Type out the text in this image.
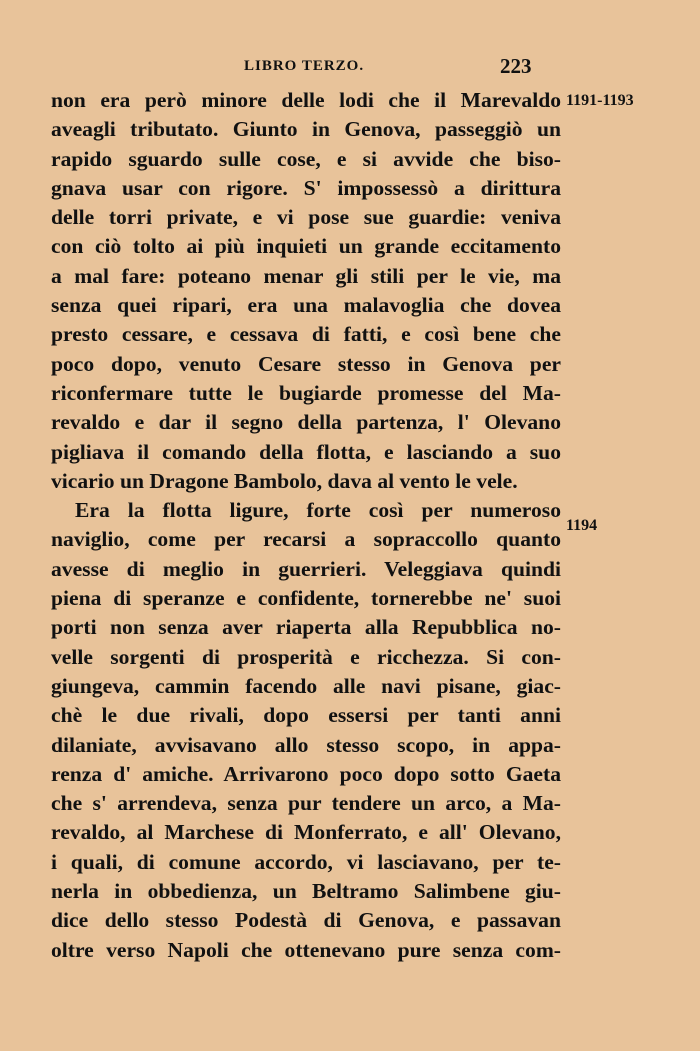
LIBRO TERZO.	223
1191-1193
1194
non era però minore delle lodi che il Marevaldo
aveagli tributato. Giunto in Genova, passeggiò un
rapido sguardo sulle cose, e si avvide che biso-
gnava usar con rigore. S' impossessò a dirittura
delle torri private, e vi pose sue guardie: veniva
con ciò tolto ai più inquieti un grande eccitamento
a mal fare: poteano menar gli stili per le vie, ma
senza quei ripari, era una malavoglia che dovea
presto cessare, e cessava di fatti, e così bene che
poco dopo, venuto Cesare stesso in Genova per
riconfermare tutte le bugiarde promesse del Ma-
revaldo e dar il segno della partenza, l' Olevano
pigliava il comando della flotta, e lasciando a suo
vicario un Dragone Bambolo, dava al vento le vele.
Era la flotta ligure, forte così per numeroso
naviglio, come per recarsi a sopraccollo quanto
avesse di meglio in guerrieri. Veleggiava quindi
piena di speranze e confidente, tornerebbe ne' suoi
porti non senza aver riaperta alla Repubblica no-
velle sorgenti di prosperità e ricchezza. Si con-
giungeva, cammin facendo alle navi pisane, giac-
chè le due rivali, dopo essersi per tanti anni
dilaniate, avvisavano allo stesso scopo, in appa-
renza d' amiche. Arrivarono poco dopo sotto Gaeta
che s' arrendeva, senza pur tendere un arco, a Ma-
revaldo, al Marchese di Monferrato, e all' Olevano,
i quali, di comune accordo, vi lasciavano, per te-
nerla in obbedienza, un Beltramo Salimbene giu-
dice dello stesso Podestà di Genova, e passavan
oltre verso Napoli che ottenevano pure senza com-
